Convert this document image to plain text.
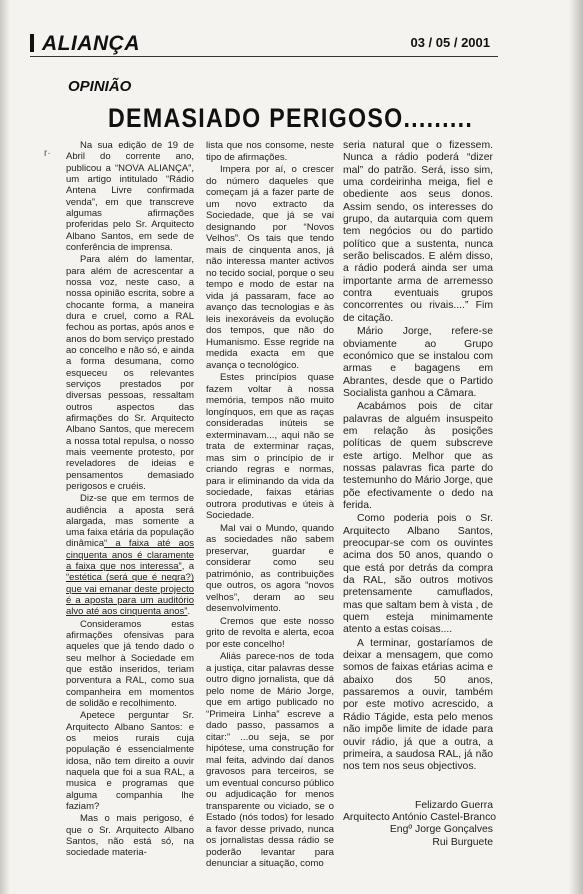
ALIANÇA	03 / 05 / 2001
OPINIÃO
DEMASIADO PERIGOSO.........
r·

Na sua edição de 19 de Abril do corrente ano, publicou a “NOVA ALIANÇA”, um artigo intitulado “Rádio Antena Livre confirmada venda”, em que transcreve algumas afirmações proferidas pelo Sr. Arquitecto Albano Santos, em sede de conferência de imprensa.

Para além do lamentar, para além de acrescentar a nossa voz, neste caso, a nossa opinião escrita, sobre a chocante forma, a maneira dura e cruel, como a RAL fechou as portas, após anos e anos do bom serviço prestado ao concelho e não só, e ainda a forma desumana, como esqueceu os relevantes serviços prestados por diversas pessoas, ressaltam outros aspectos das afirmações do Sr. Arquitecto Albano Santos, que merecem a nossa total repulsa, o nosso mais veemente protesto, por reveladores de ideias e pensamentos demasiado perigosos e cruéis.

Diz-se que em termos de audiência a aposta será alargada, mas somente a uma faixa etária da população dinâmica“ a faixa até aos cinquenta anos é claramente a faixa que nos interessa”, a “estética (será que é negra?) que vai emanar deste projecto é a aposta para um auditório alvo até aos cinquenta anos”.

Consideramos estas afirmações ofensivas para aqueles que já tendo dado o seu melhor à Sociedade em que estão inseridos, teriam porventura a RAL, como sua companheira em momentos de solidão e recolhimento.

Apetece perguntar Sr. Arquitecto Albano Santos: e os meios rurais cuja população é essencialmente idosa, não tem direito a ouvir naquela que foi a sua RAL, a musica e programas que alguma companhia lhe faziam?

Mas o mais perigoso, é que o Sr. Arquitecto Albano Santos, não está só, na sociedade materia-

lista que nos consome, neste tipo de afirmações.

Impera por aí, o crescer do número daqueles que começam já a fazer parte de um novo extracto da Sociedade, que já se vai designando por “Novos Velhos”. Os tais que tendo mais de cinquenta anos, já não interessa manter activos no tecido social, porque o seu tempo e modo de estar na vida já passaram, face ao avanço das tecnologias e às leis inexoráveis da evolução dos tempos, que não do Humanismo. Esse regride na medida exacta em que avança o tecnológico.

Estes princípios quase fazem voltar à nossa memória, tempos não muito longínquos, em que as raças consideradas inúteis se exterminavam..., aqui não se trata de exterminar raças, mas sim o princípio de ir criando regras e normas, para ir eliminando da vida da sociedade, faixas etárias outrora produtivas e úteis à Sociedade.

Mal vai o Mundo, quando as sociedades não sabem preservar, guardar e considerar como seu património, as contribuições que outros, os agora “novos velhos”, deram ao seu desenvolvimento.

Cremos que este nosso grito de revolta e alerta, ecoa por este concelho!

Aliás parece-nos de toda a justiça, citar palavras desse outro digno jornalista, que dá pelo nome de Mário Jorge, que em artigo publicado no “Primeira Linha” escreve a dado passo, passamos a citar:” ...ou seja, se por hipótese, uma construção for mal feita, advindo daí danos gravosos para terceiros, se um eventual concurso público ou adjudicação for menos transparente ou viciado, se o Estado (nós todos) for lesado a favor desse privado, nunca os jornalistas dessa rádio se poderão levantar para denunciar a situação, como

seria natural que o fizessem. Nunca a rádio poderá “dizer mal” do patrão. Será, isso sim, uma cordeirinha meiga, fiel e obediente aos seus donos. Assim sendo, os interesses do grupo, da autarquia com quem tem negócios ou do partido político que a sustenta, nunca serão beliscados. E além disso, a rádio poderá ainda ser uma importante arma de arremesso contra eventuais grupos concorrentes ou rivais....” Fim de citação.

Mário Jorge, refere-se obviamente ao Grupo económico que se instalou com armas e bagagens em Abrantes, desde que o Partido Socialista ganhou a Câmara.

Acabámos pois de citar palavras de alguém insuspeito em relação às posições políticas de quem subscreve este artigo. Melhor que as nossas palavras fica parte do testemunho do Mário Jorge, que põe efectivamente o dedo na ferida.

Como poderia pois o Sr. Arquitecto Albano Santos, preocupar-se com os ouvintes acima dos 50 anos, quando o que está por detrás da compra da RAL, são outros motivos pretensamente camuflados, mas que saltam bem à vista , de quem esteja minimamente atento a estas coisas....

A terminar, gostaríamos de deixar a mensagem, que como somos de faixas etárias acima e abaixo dos 50 anos, passaremos a ouvir, também por este motivo acrescido, a Rádio Tágide, esta pelo menos não impõe limite de idade para ouvir rádio, já que a outra, a primeira, a saudosa RAL, já não nos tem nos seus objectivos.

Felizardo Guerra
Arquitecto António Castel-Branco
Engº Jorge Gonçalves
Rui Burguete
